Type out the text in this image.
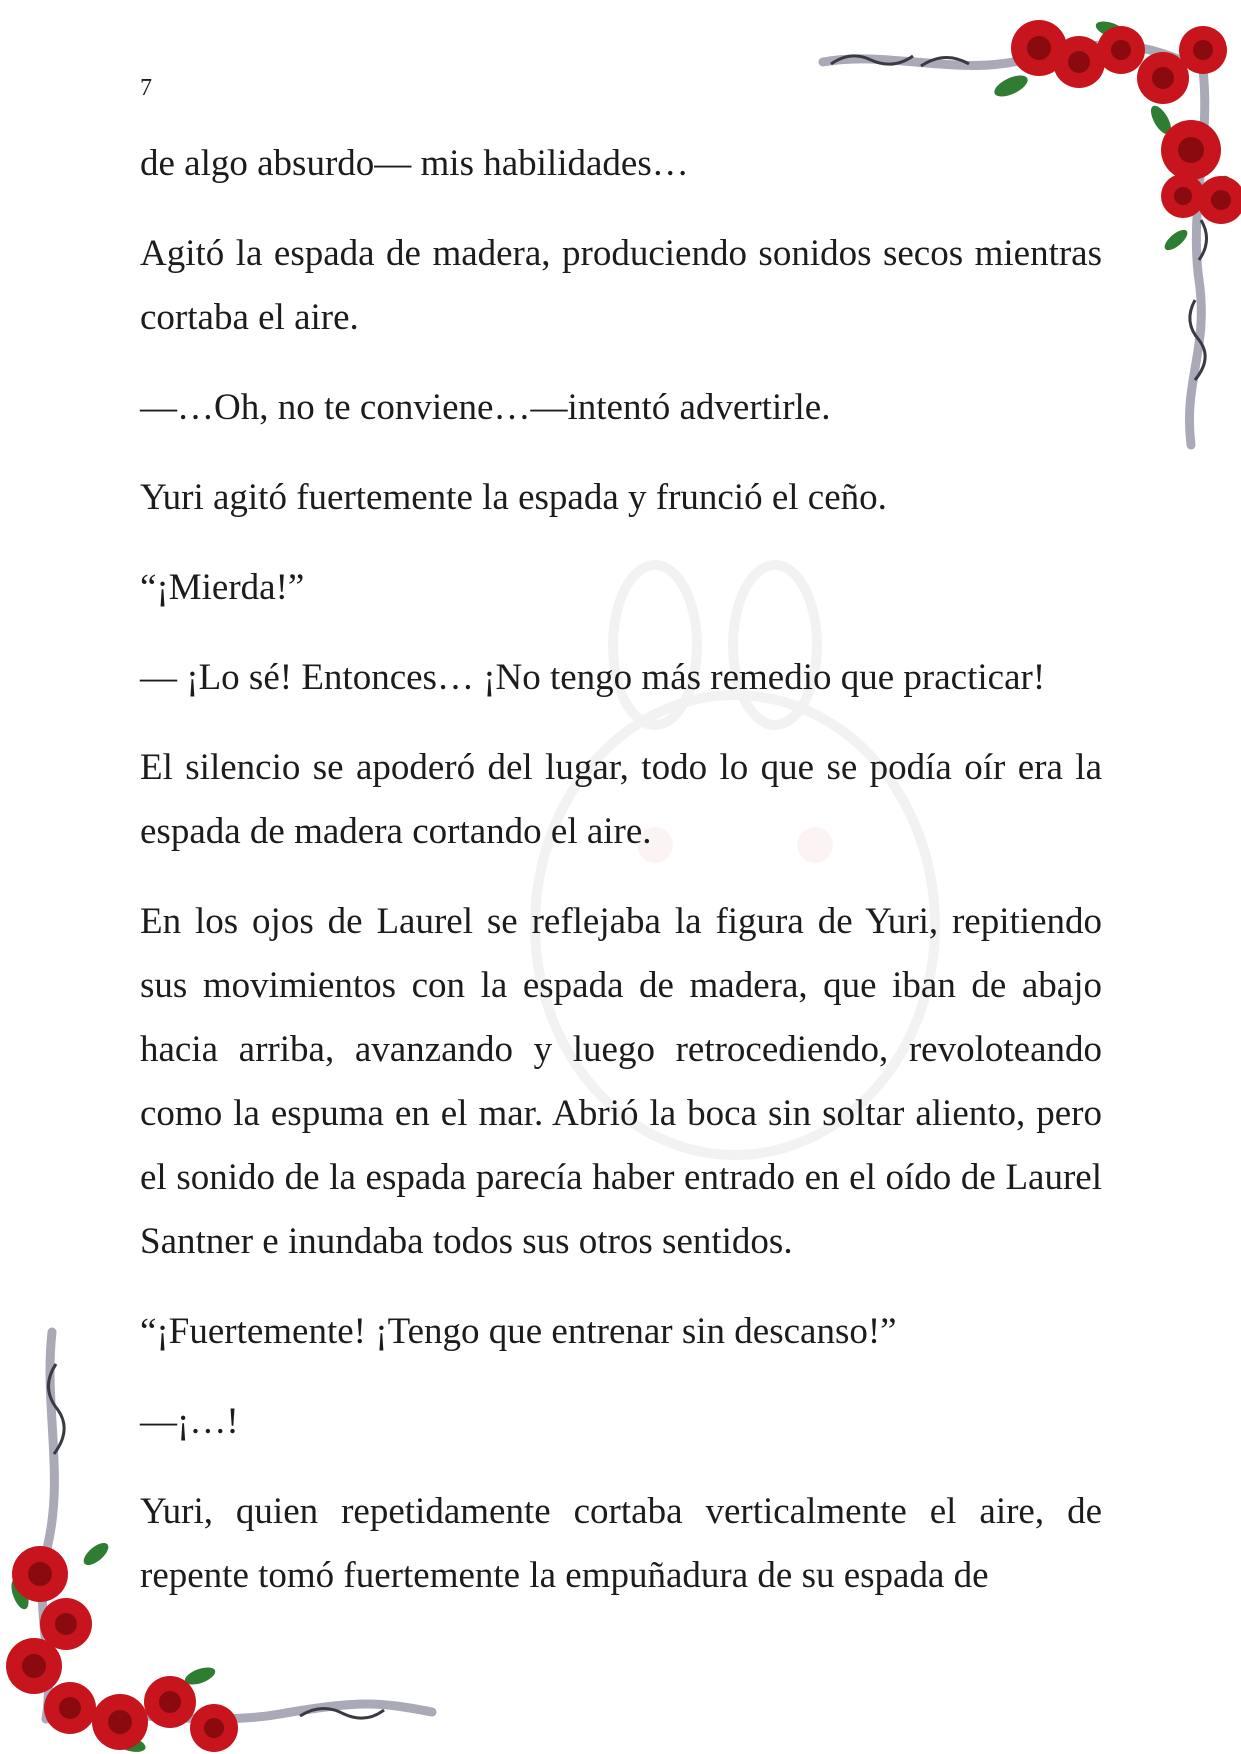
7

de algo absurdo— mis habilidades…

Agitó la espada de madera, produciendo sonidos secos mientras cortaba el aire.

—…Oh, no te conviene…—intentó advertirle.

Yuri agitó fuertemente la espada y frunció el ceño.

“¡Mierda!”

— ¡Lo sé! Entonces… ¡No tengo más remedio que practicar!

El silencio se apoderó del lugar, todo lo que se podía oír era la espada de madera cortando el aire.

En los ojos de Laurel se reflejaba la figura de Yuri, repitiendo sus movimientos con la espada de madera, que iban de abajo hacia arriba, avanzando y luego retrocediendo, revoloteando como la espuma en el mar. Abrió la boca sin soltar aliento, pero el sonido de la espada parecía haber entrado en el oído de Laurel Santner e inundaba todos sus otros sentidos.

“¡Fuertemente! ¡Tengo que entrenar sin descanso!”

—¡…!

Yuri, quien repetidamente cortaba verticalmente el aire, de repente tomó fuertemente la empuñadura de su espada de
